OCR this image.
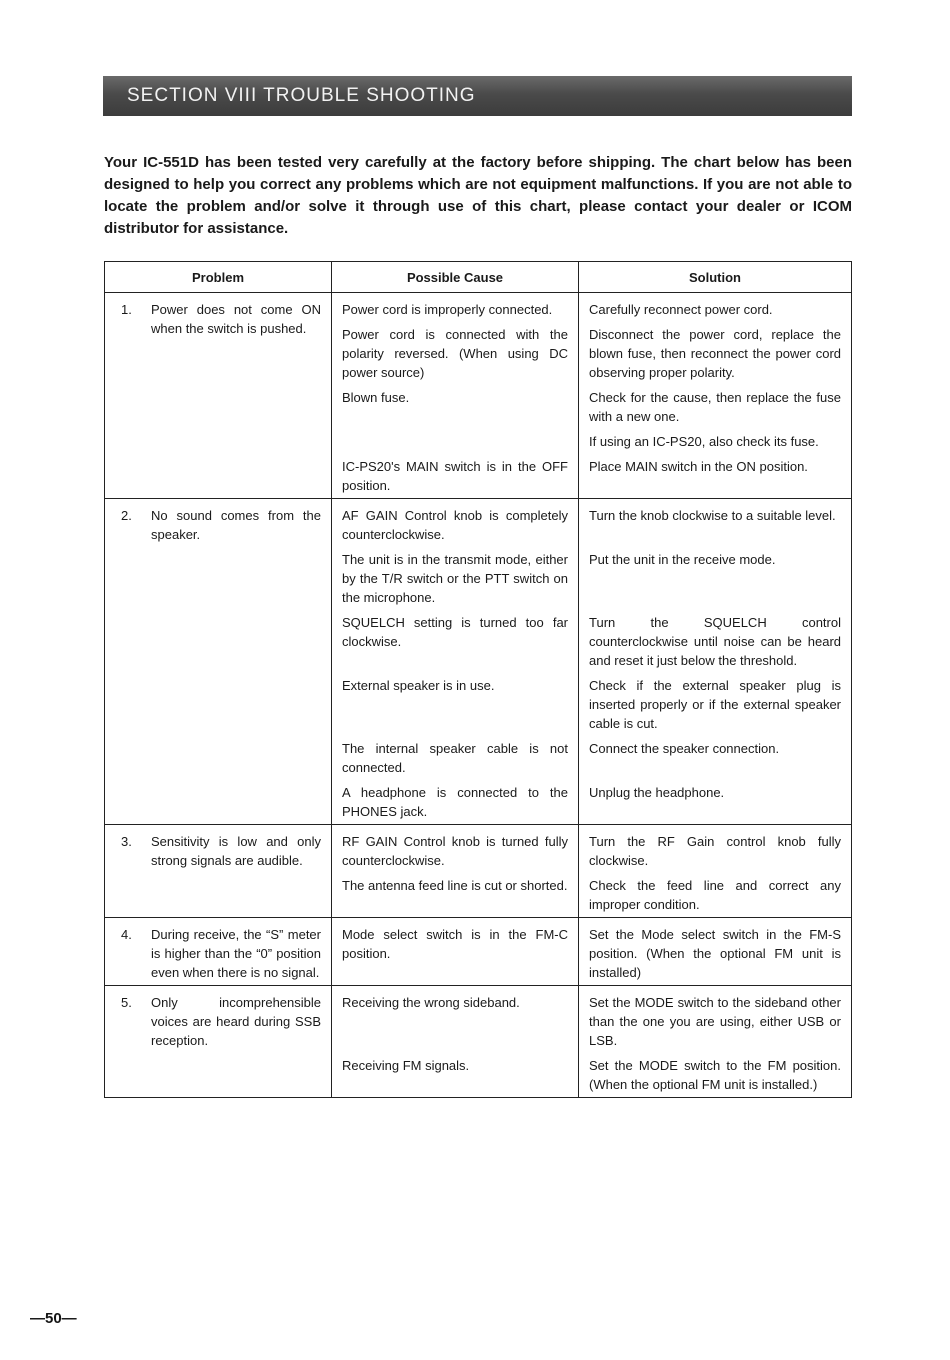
SECTION VIII TROUBLE SHOOTING

Your IC-551D has been tested very carefully at the factory before shipping. The chart below has been designed to help you correct any problems which are not equipment malfunctions. If you are not able to locate the problem and/or solve it through use of this chart, please contact your dealer or ICOM distributor for assistance.

Problem	Possible Cause	Solution

1. Power does not come ON when the switch is pushed.	Power cord is improperly connected.	Carefully reconnect power cord.

	Power cord is connected with the polarity reversed. (When using DC power source)	Disconnect the power cord, replace the blown fuse, then reconnect the power cord observing proper polarity.

	Blown fuse.	Check for the cause, then replace the fuse with a new one.

		If using an IC-PS20, also check its fuse.

	IC-PS20's MAIN switch is in the OFF position.	Place MAIN switch in the ON position.

2. No sound comes from the speaker.	AF GAIN Control knob is completely counterclockwise.	Turn the knob clockwise to a suitable level.

	The unit is in the transmit mode, either by the T/R switch or the PTT switch on the microphone.	Put the unit in the receive mode.

	SQUELCH setting is turned too far clockwise.	Turn the SQUELCH control counterclockwise until noise can be heard and reset it just below the threshold.

	External speaker is in use.	Check if the external speaker plug is inserted properly or if the external speaker cable is cut.

	The internal speaker cable is not connected.	Connect the speaker connection.

	A headphone is connected to the PHONES jack.	Unplug the headphone.

3. Sensitivity is low and only strong signals are audible.	RF GAIN Control knob is turned fully counterclockwise.	Turn the RF Gain control knob fully clockwise.

	The antenna feed line is cut or shorted.	Check the feed line and correct any improper condition.

4. During receive, the “S” meter is higher than the “0” position even when there is no signal.	Mode select switch is in the FM-C position.	Set the Mode select switch in the FM-S position. (When the optional FM unit is installed)

5. Only incomprehensible voices are heard during SSB reception.	Receiving the wrong sideband.	Set the MODE switch to the sideband other than the one you are using, either USB or LSB.

	Receiving FM signals.	Set the MODE switch to the FM position. (When the optional FM unit is installed.)
—50—
